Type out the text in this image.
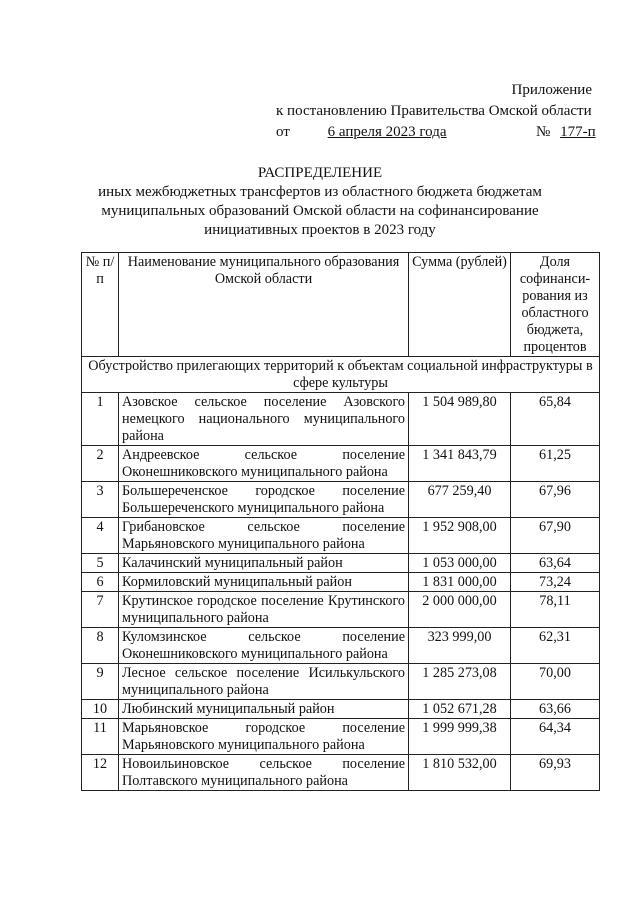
Приложение
к постановлению Правительства Омской области
от	6 апреля 2023 года	№ 177-п
РАСПРЕДЕЛЕНИЕ
иных межбюджетных трансфертов из областного бюджета бюджетам
муниципальных образований Омской области на софинансирование
инициативных проектов в 2023 году
№ п/п	Наименование муниципального образования Омской области	Сумма (рублей)	Доля софинанси-рования из областного бюджета, процентов
Обустройство прилегающих территорий к объектам социальной инфраструктуры в сфере культуры			
1	Азовское сельское поселение Азовского немецкого национального муниципального района	1 504 989,80	65,84
2	Андреевское сельское поселение Оконешниковского муниципального района	1 341 843,79	61,25
3	Большереченское городское поселение Большереченского муниципального района	677 259,40	67,96
4	Грибановское сельское поселение Марьяновского муниципального района	1 952 908,00	67,90
5	Калачинский муниципальный район	1 053 000,00	63,64
6	Кормиловский муниципальный район	1 831 000,00	73,24
7	Крутинское городское поселение Крутинского муниципального района	2 000 000,00	78,11
8	Куломзинское сельское поселение Оконешниковского муниципального района	323 999,00	62,31
9	Лесное сельское поселение Исилькульского муниципального района	1 285 273,08	70,00
10	Любинский муниципальный район	1 052 671,28	63,66
11	Марьяновское городское поселение Марьяновского муниципального района	1 999 999,38	64,34
12	Новоильиновское сельское поселение Полтавского муниципального района	1 810 532,00	69,93
